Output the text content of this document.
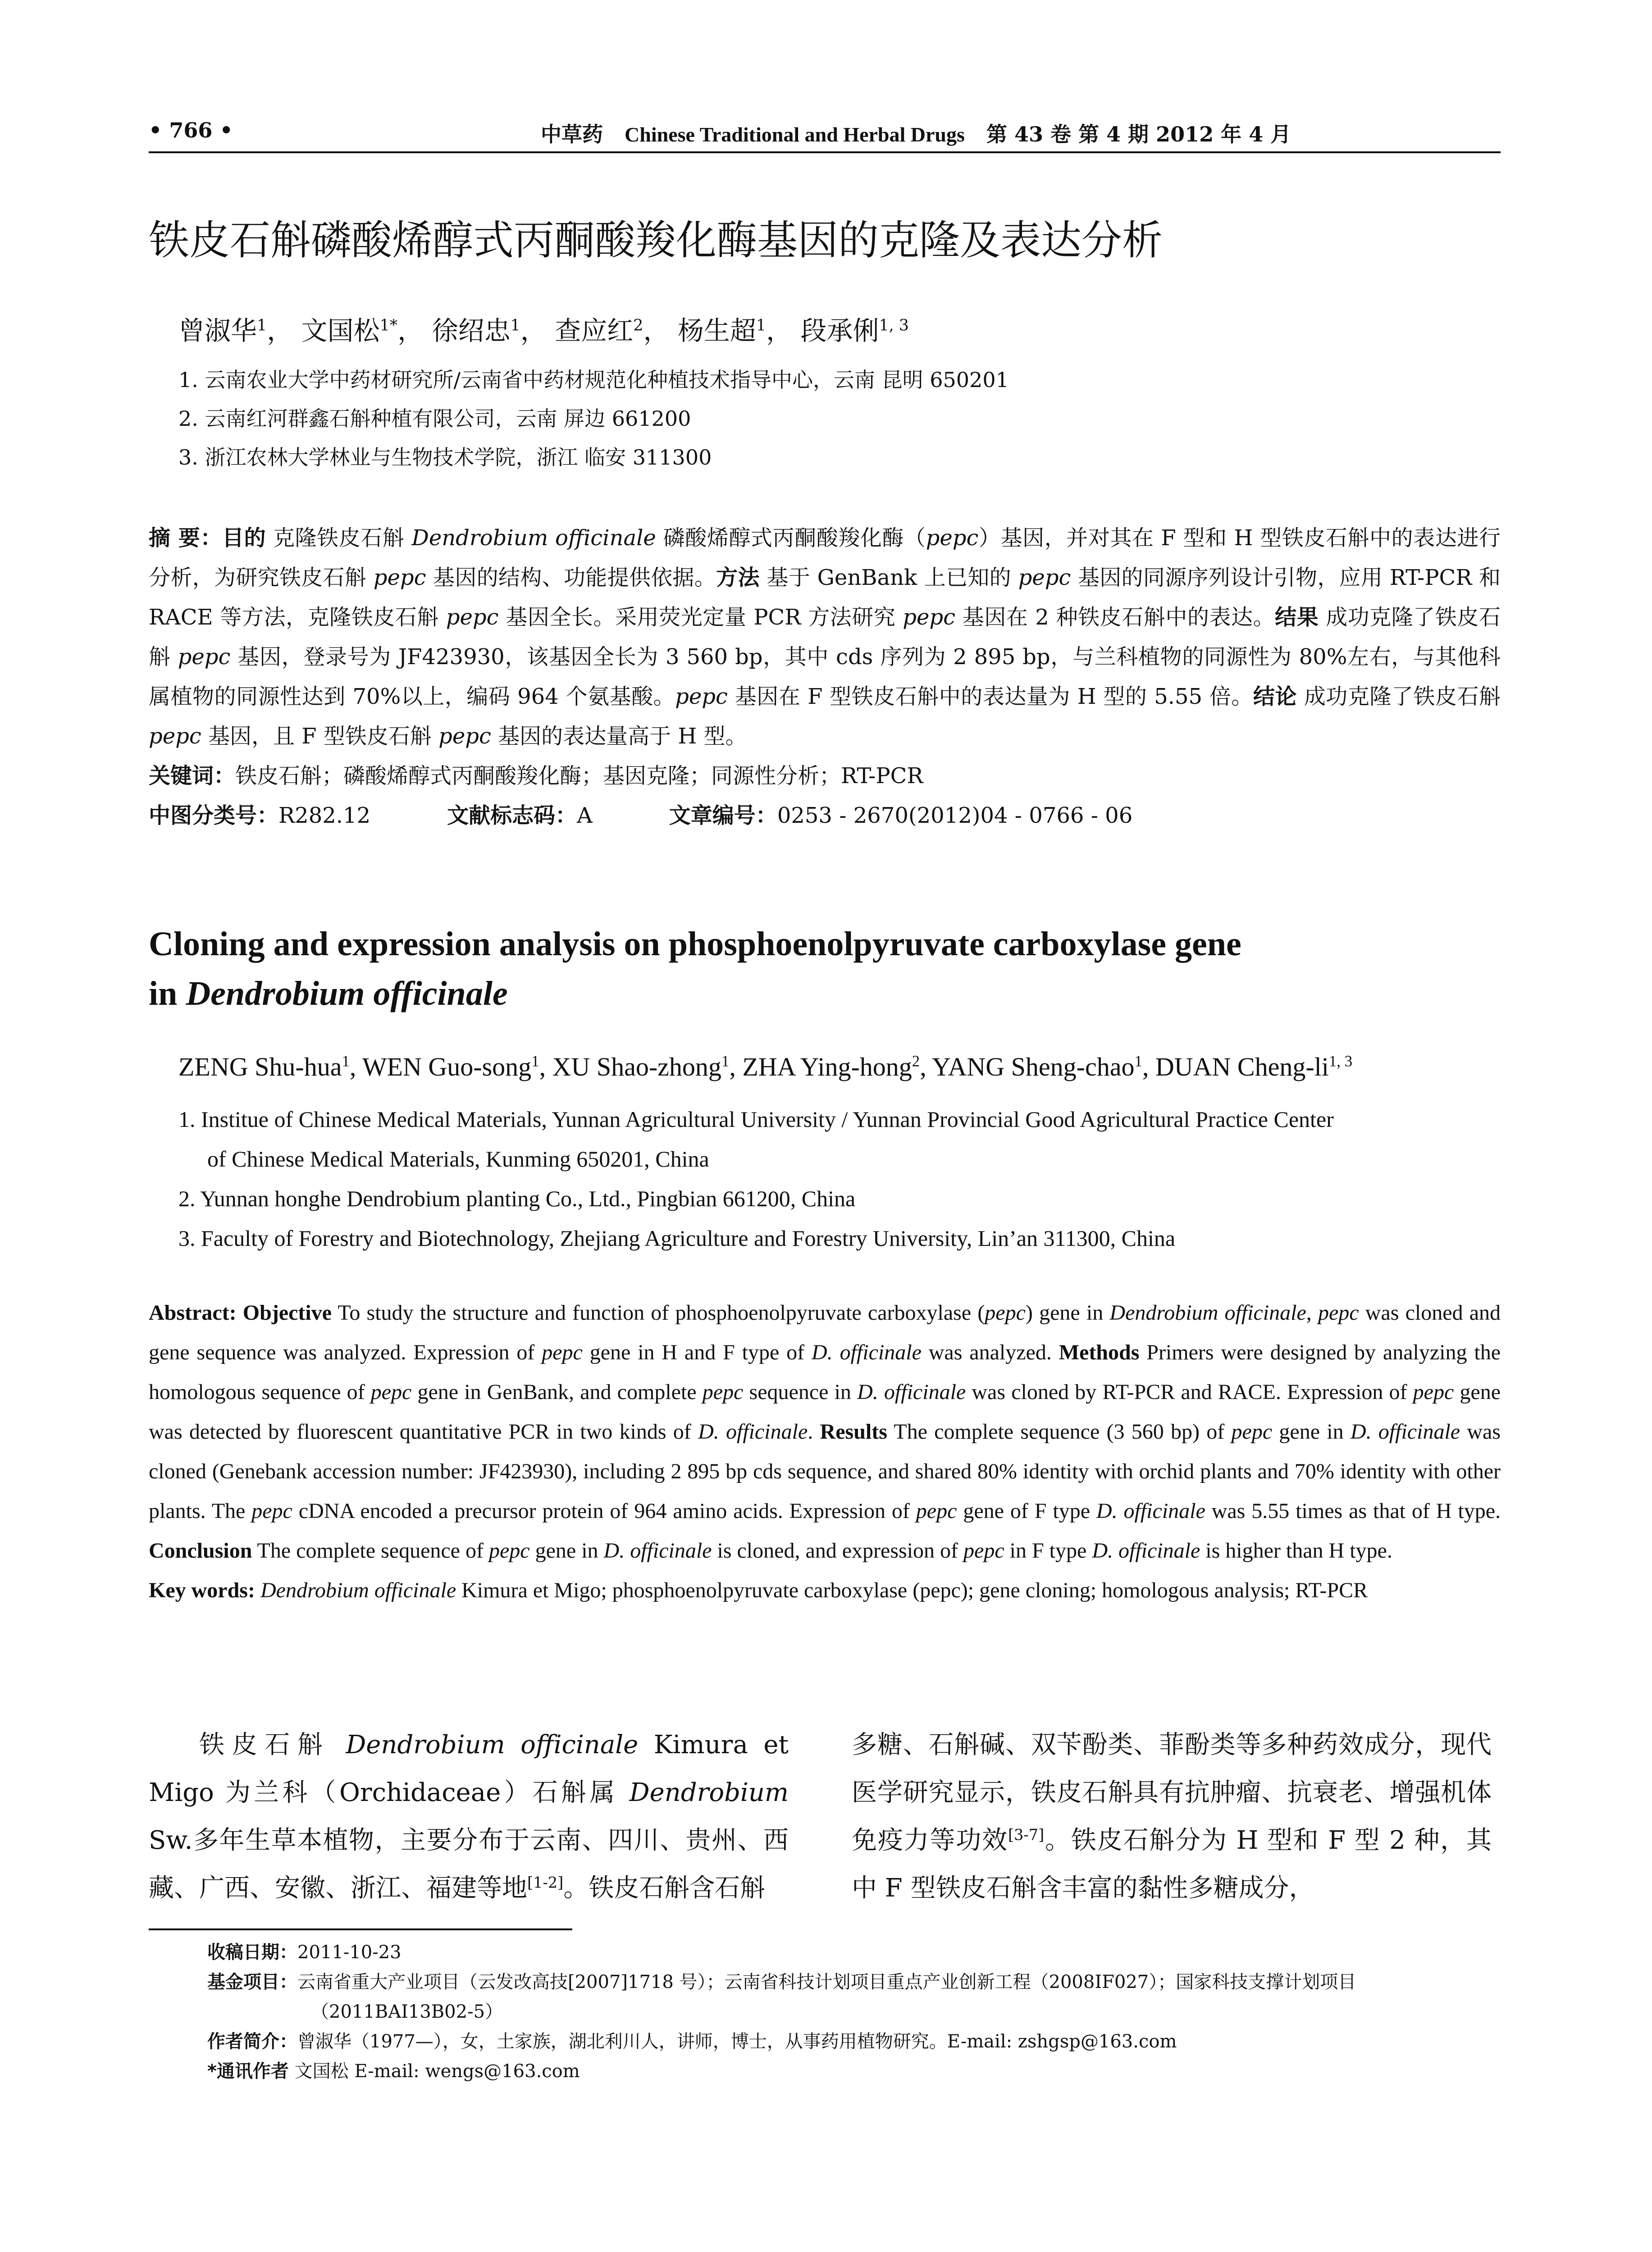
• 766 •	中草药 Chinese Traditional and Herbal Drugs 第 43 卷 第 4 期 2012 年 4 月
铁皮石斛磷酸烯醇式丙酮酸羧化酶基因的克隆及表达分析
曾淑华$^1$， 文国松$^{1*}$， 徐绍忠$^1$， 查应红$^2$， 杨生超$^1$， 段承俐$^{1, 3}$

1. 云南农业大学中药材研究所/云南省中药材规范化种植技术指导中心，云南 昆明 650201

2. 云南红河群鑫石斛种植有限公司，云南 屏边 661200

3. 浙江农林大学林业与生物技术学院，浙江 临安 311300

摘 要：目的 克隆铁皮石斛 Dendrobium officinale 磷酸烯醇式丙酮酸羧化酶（pepc）基因，并对其在 F 型和 H 型铁皮石斛中的表达进行分析，为研究铁皮石斛 pepc 基因的结构、功能提供依据。方法 基于 GenBank 上已知的 pepc 基因的同源序列设计引物，应用 RT-PCR 和 RACE 等方法，克隆铁皮石斛 pepc 基因全长。采用荧光定量 PCR 方法研究 pepc 基因在 2 种铁皮石斛中的表达。结果 成功克隆了铁皮石斛 pepc 基因，登录号为 JF423930，该基因全长为 3 560 bp，其中 cds 序列为 2 895 bp，与兰科植物的同源性为 80%左右，与其他科属植物的同源性达到 70%以上，编码 964 个氨基酸。pepc 基因在 F 型铁皮石斛中的表达量为 H 型的 5.55 倍。结论 成功克隆了铁皮石斛 pepc 基因，且 F 型铁皮石斛 pepc 基因的表达量高于 H 型。

关键词：铁皮石斛；磷酸烯醇式丙酮酸羧化酶；基因克隆；同源性分析；RT-PCR

中图分类号：R282.12	文献标志码：A	文章编号：0253 - 2670(2012)04 - 0766 - 06

Cloning and expression analysis on phosphoenolpyruvate carboxylase gene

in Dendrobium officinale

ZENG Shu-hua$^1$, WEN Guo-song$^1$, XU Shao-zhong$^1$, ZHA Ying-hong$^2$, YANG Sheng-chao$^1$, DUAN Cheng-li$^{1, 3}$

1. Institue of Chinese Medical Materials, Yunnan Agricultural University / Yunnan Provincial Good Agricultural Practice Center

of Chinese Medical Materials, Kunming 650201, China

2. Yunnan honghe Dendrobium planting Co., Ltd., Pingbian 661200, China

3. Faculty of Forestry and Biotechnology, Zhejiang Agriculture and Forestry University, Lin’an 311300, China

Abstract: Objective To study the structure and function of phosphoenolpyruvate carboxylase (pepc) gene in Dendrobium officinale, pepc was cloned and gene sequence was analyzed. Expression of pepc gene in H and F type of D. officinale was analyzed. Methods Primers were designed by analyzing the homologous sequence of pepc gene in GenBank, and complete pepc sequence in D. officinale was cloned by RT-PCR and RACE. Expression of pepc gene was detected by fluorescent quantitative PCR in two kinds of D. officinale. Results The complete sequence (3 560 bp) of pepc gene in D. officinale was cloned (Genebank accession number: JF423930), including 2 895 bp cds sequence, and shared 80% identity with orchid plants and 70% identity with other plants. The pepc cDNA encoded a precursor protein of 964 amino acids. Expression of pepc gene of F type D. officinale was 5.55 times as that of H type. Conclusion The complete sequence of pepc gene in D. officinale is cloned, and expression of pepc in F type D. officinale is higher than H type.

Key words: Dendrobium officinale Kimura et Migo; phosphoenolpyruvate carboxylase (pepc); gene cloning; homologous analysis; RT-PCR

铁皮石斛 Dendrobium officinale Kimura et Migo 为兰科（Orchidaceae）石斛属 Dendrobium Sw.多年生草本植物，主要分布于云南、四川、贵州、西藏、广西、安徽、浙江、福建等地[1-2]。铁皮石斛含石斛

多糖、石斛碱、双苄酚类、菲酚类等多种药效成分，现代医学研究显示，铁皮石斛具有抗肿瘤、抗衰老、增强机体免疫力等功效[3-7]。铁皮石斛分为 H 型和 F 型 2 种，其中 F 型铁皮石斛含丰富的黏性多糖成分，

收稿日期：2011-10-23

基金项目：云南省重大产业项目（云发改高技[2007]1718 号）；云南省科技计划项目重点产业创新工程（2008IF027）；国家科技支撑计划项目

（2011BAI13B02-5）

作者简介：曾淑华（1977—），女，土家族，湖北利川人，讲师，博士，从事药用植物研究。E-mail: zshgsp@163.com

*通讯作者 文国松 E-mail: wengs@163.com
